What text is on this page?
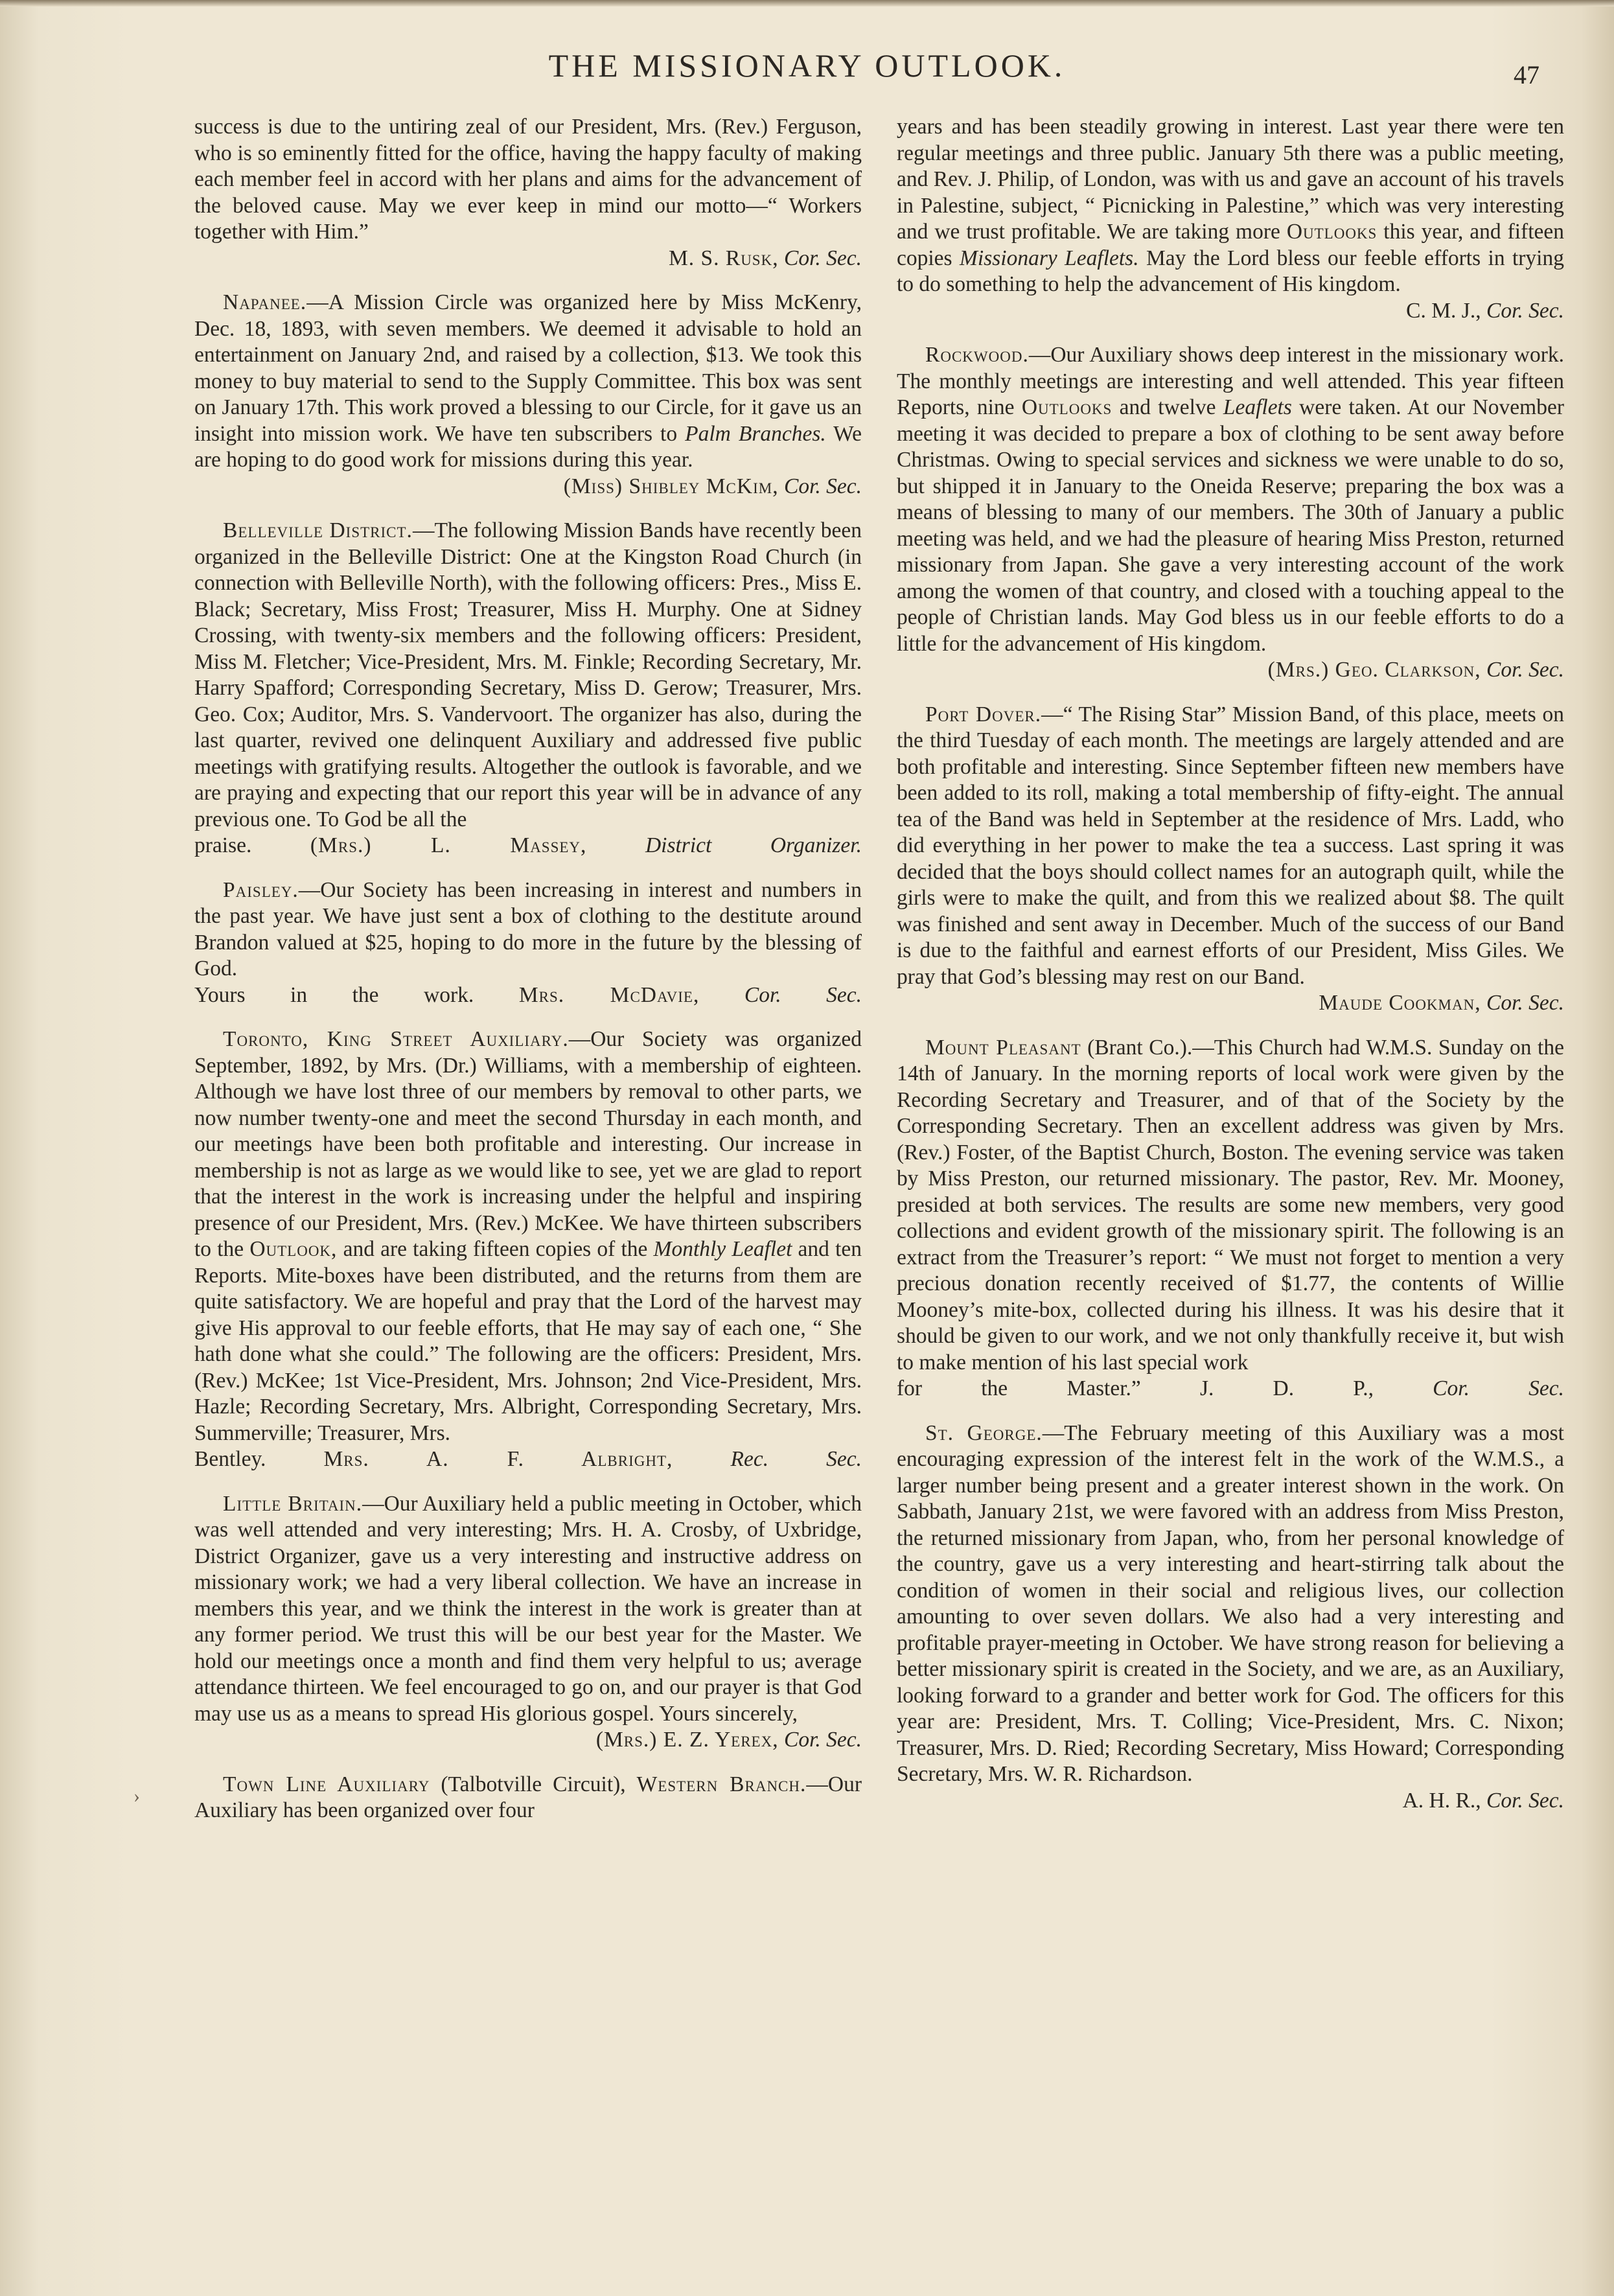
THE MISSIONARY OUTLOOK.	47
›

success is due to the untiring zeal of our President, Mrs. (Rev.) Ferguson, who is so eminently fitted for the office, having the happy faculty of making each member feel in accord with her plans and aims for the advancement of the beloved cause. May we ever keep in mind our motto—“ Workers together with Him.”

M. S. Rusk, Cor. Sec.

Napanee.—A Mission Circle was organized here by Miss McKenry, Dec. 18, 1893, with seven members. We deemed it advisable to hold an entertainment on January 2nd, and raised by a collection, $13. We took this money to buy material to send to the Supply Committee. This box was sent on January 17th. This work proved a blessing to our Circle, for it gave us an insight into mission work. We have ten subscribers to Palm Branches. We are hoping to do good work for missions during this year.

(Miss) Shibley McKim, Cor. Sec.

Belleville District.—The following Mission Bands have recently been organized in the Belleville District: One at the Kingston Road Church (in connection with Belleville North), with the following officers: Pres., Miss E. Black; Secretary, Miss Frost; Treasurer, Miss H. Murphy. One at Sidney Crossing, with twenty-six members and the following officers: President, Miss M. Fletcher; Vice-President, Mrs. M. Finkle; Recording Secretary, Mr. Harry Spafford; Corresponding Secretary, Miss D. Gerow; Treasurer, Mrs. Geo. Cox; Auditor, Mrs. S. Vandervoort. The organizer has also, during the last quarter, revived one delinquent Auxiliary and addressed five public meetings with gratifying results. Altogether the outlook is favorable, and we are praying and expecting that our report this year will be in advance of any previous one. To God be all the

praise.	(Mrs.) L. Massey,	District Organizer.

Paisley.—Our Society has been increasing in interest and numbers in the past year. We have just sent a box of clothing to the destitute around Brandon valued at $25, hoping to do more in the future by the blessing of God.

Yours in the work. Mrs. McDavie, Cor. Sec.

Toronto, King Street Auxiliary.—Our Society was organized September, 1892, by Mrs. (Dr.) Williams, with a membership of eighteen. Although we have lost three of our members by removal to other parts, we now number twenty-one and meet the second Thursday in each month, and our meetings have been both profitable and interesting. Our increase in membership is not as large as we would like to see, yet we are glad to report that the interest in the work is increasing under the helpful and inspiring presence of our President, Mrs. (Rev.) McKee. We have thirteen subscribers to the Outlook, and are taking fifteen copies of the Monthly Leaflet and ten Reports. Mite-boxes have been distributed, and the returns from them are quite satisfactory. We are hopeful and pray that the Lord of the harvest may give His approval to our feeble efforts, that He may say of each one, “ She hath done what she could.” The following are the officers: President, Mrs. (Rev.) McKee; 1st Vice-President, Mrs. Johnson; 2nd Vice-President, Mrs. Hazle; Recording Secretary, Mrs. Albright, Corresponding Secretary, Mrs. Summerville; Treasurer, Mrs.

Bentley.	Mrs. A. F. Albright,	Rec. Sec.

Little Britain.—Our Auxiliary held a public meeting in October, which was well attended and very interesting; Mrs. H. A. Crosby, of Uxbridge, District Organizer, gave us a very interesting and instructive address on missionary work; we had a very liberal collection. We have an increase in members this year, and we think the interest in the work is greater than at any former period. We trust this will be our best year for the Master. We hold our meetings once a month and find them very helpful to us; average attendance thirteen. We feel encouraged to go on, and our prayer is that God may use us as a means to spread His glorious gospel. Yours sincerely,

(Mrs.) E. Z. Yerex, Cor. Sec.

Town Line Auxiliary (Talbotville Circuit), Western Branch.—Our Auxiliary has been organized over four

years and has been steadily growing in interest. Last year there were ten regular meetings and three public. January 5th there was a public meeting, and Rev. J. Philip, of London, was with us and gave an account of his travels in Palestine, subject, “ Picnicking in Palestine,” which was very interesting and we trust profitable. We are taking more Outlooks this year, and fifteen copies Missionary Leaflets. May the Lord bless our feeble efforts in trying to do something to help the advancement of His kingdom.

C. M. J., Cor. Sec.

Rockwood.—Our Auxiliary shows deep interest in the missionary work. The monthly meetings are interesting and well attended. This year fifteen Reports, nine Outlooks and twelve Leaflets were taken. At our November meeting it was decided to prepare a box of clothing to be sent away before Christmas. Owing to special services and sickness we were unable to do so, but shipped it in January to the Oneida Reserve; preparing the box was a means of blessing to many of our members. The 30th of January a public meeting was held, and we had the pleasure of hearing Miss Preston, returned missionary from Japan. She gave a very interesting account of the work among the women of that country, and closed with a touching appeal to the people of Christian lands. May God bless us in our feeble efforts to do a little for the advancement of His kingdom.

(Mrs.) Geo. Clarkson, Cor. Sec.

Port Dover.—“ The Rising Star” Mission Band, of this place, meets on the third Tuesday of each month. The meetings are largely attended and are both profitable and interesting. Since September fifteen new members have been added to its roll, making a total membership of fifty-eight. The annual tea of the Band was held in September at the residence of Mrs. Ladd, who did everything in her power to make the tea a success. Last spring it was decided that the boys should collect names for an autograph quilt, while the girls were to make the quilt, and from this we realized about $8. The quilt was finished and sent away in December. Much of the success of our Band is due to the faithful and earnest efforts of our President, Miss Giles. We pray that God’s blessing may rest on our Band.

Maude Cookman, Cor. Sec.

Mount Pleasant (Brant Co.).—This Church had W.M.S. Sunday on the 14th of January. In the morning reports of local work were given by the Recording Secretary and Treasurer, and of that of the Society by the Corresponding Secretary. Then an excellent address was given by Mrs. (Rev.) Foster, of the Baptist Church, Boston. The evening service was taken by Miss Preston, our returned missionary. The pastor, Rev. Mr. Mooney, presided at both services. The results are some new members, very good collections and evident growth of the missionary spirit. The following is an extract from the Treasurer’s report: “ We must not forget to mention a very precious donation recently received of $1.77, the contents of Willie Mooney’s mite-box, collected during his illness. It was his desire that it should be given to our work, and we not only thankfully receive it, but wish to make mention of his last special work

for the Master.”	J. D. P.,	Cor. Sec.

St. George.—The February meeting of this Auxiliary was a most encouraging expression of the interest felt in the work of the W.M.S., a larger number being present and a greater interest shown in the work. On Sabbath, January 21st, we were favored with an address from Miss Preston, the returned missionary from Japan, who, from her personal knowledge of the country, gave us a very interesting and heart-stirring talk about the condition of women in their social and religious lives, our collection amounting to over seven dollars. We also had a very interesting and profitable prayer-meeting in October. We have strong reason for believing a better missionary spirit is created in the Society, and we are, as an Auxiliary, looking forward to a grander and better work for God. The officers for this year are: President, Mrs. T. Colling; Vice-President, Mrs. C. Nixon; Treasurer, Mrs. D. Ried; Recording Secretary, Miss Howard; Corresponding Secretary, Mrs. W. R. Richardson.

A. H. R., Cor. Sec.
